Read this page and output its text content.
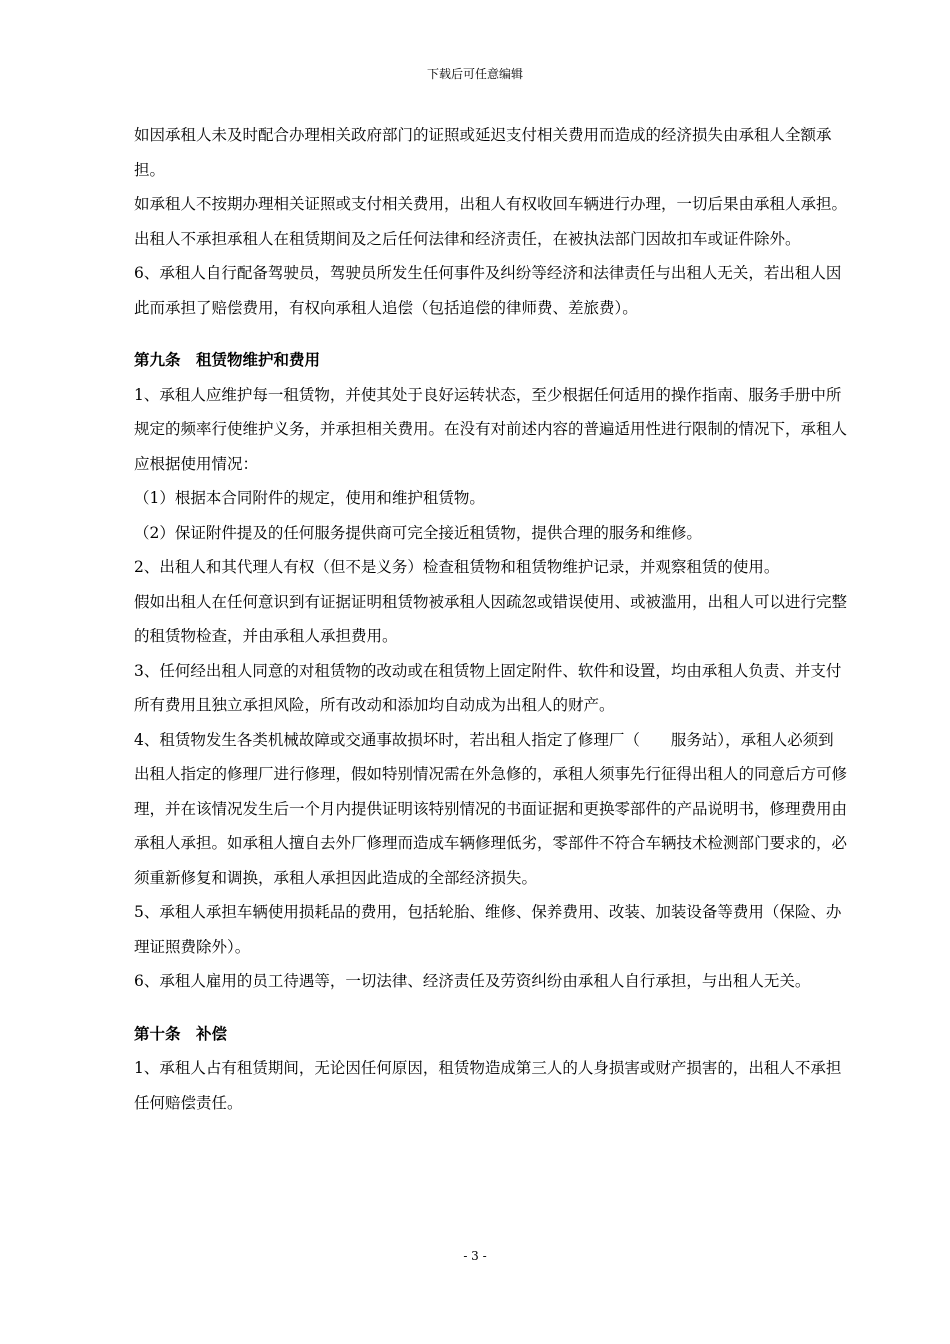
下载后可任意编辑

如因承租人未及时配合办理相关政府部门的证照或延迟支付相关费用而造成的经济损失由承租人全额承担。

如承租人不按期办理相关证照或支付相关费用，出租人有权收回车辆进行办理，一切后果由承租人承担。

出租人不承担承租人在租赁期间及之后任何法律和经济责任，在被执法部门因故扣车或证件除外。

6、承租人自行配备驾驶员，驾驶员所发生任何事件及纠纷等经济和法律责任与出租人无关，若出租人因此而承担了赔偿费用，有权向承租人追偿（包括追偿的律师费、差旅费）。

第九条　租赁物维护和费用

1、承租人应维护每一租赁物，并使其处于良好运转状态，至少根据任何适用的操作指南、服务手册中所规定的频率行使维护义务，并承担相关费用。在没有对前述内容的普遍适用性进行限制的情况下，承租人应根据使用情况：

（1）根据本合同附件的规定，使用和维护租赁物。

（2）保证附件提及的任何服务提供商可完全接近租赁物，提供合理的服务和维修。

2、出租人和其代理人有权（但不是义务）检查租赁物和租赁物维护记录，并观察租赁的使用。

假如出租人在任何意识到有证据证明租赁物被承租人因疏忽或错误使用、或被滥用，出租人可以进行完整的租赁物检查，并由承租人承担费用。

3、任何经出租人同意的对租赁物的改动或在租赁物上固定附件、软件和设置，均由承租人负责、并支付所有费用且独立承担风险，所有改动和添加均自动成为出租人的财产。

4、租赁物发生各类机械故障或交通事故损坏时，若出租人指定了修理厂（　　服务站），承租人必须到出租人指定的修理厂进行修理，假如特别情况需在外急修的，承租人须事先行征得出租人的同意后方可修理，并在该情况发生后一个月内提供证明该特别情况的书面证据和更换零部件的产品说明书，修理费用由承租人承担。如承租人擅自去外厂修理而造成车辆修理低劣，零部件不符合车辆技术检测部门要求的，必须重新修复和调换，承租人承担因此造成的全部经济损失。

5、承租人承担车辆使用损耗品的费用，包括轮胎、维修、保养费用、改装、加装设备等费用（保险、办理证照费除外）。

6、承租人雇用的员工待遇等，一切法律、经济责任及劳资纠纷由承租人自行承担，与出租人无关。

第十条　补偿

1、承租人占有租赁期间，无论因任何原因，租赁物造成第三人的人身损害或财产损害的，出租人不承担任何赔偿责任。

- 3 -
